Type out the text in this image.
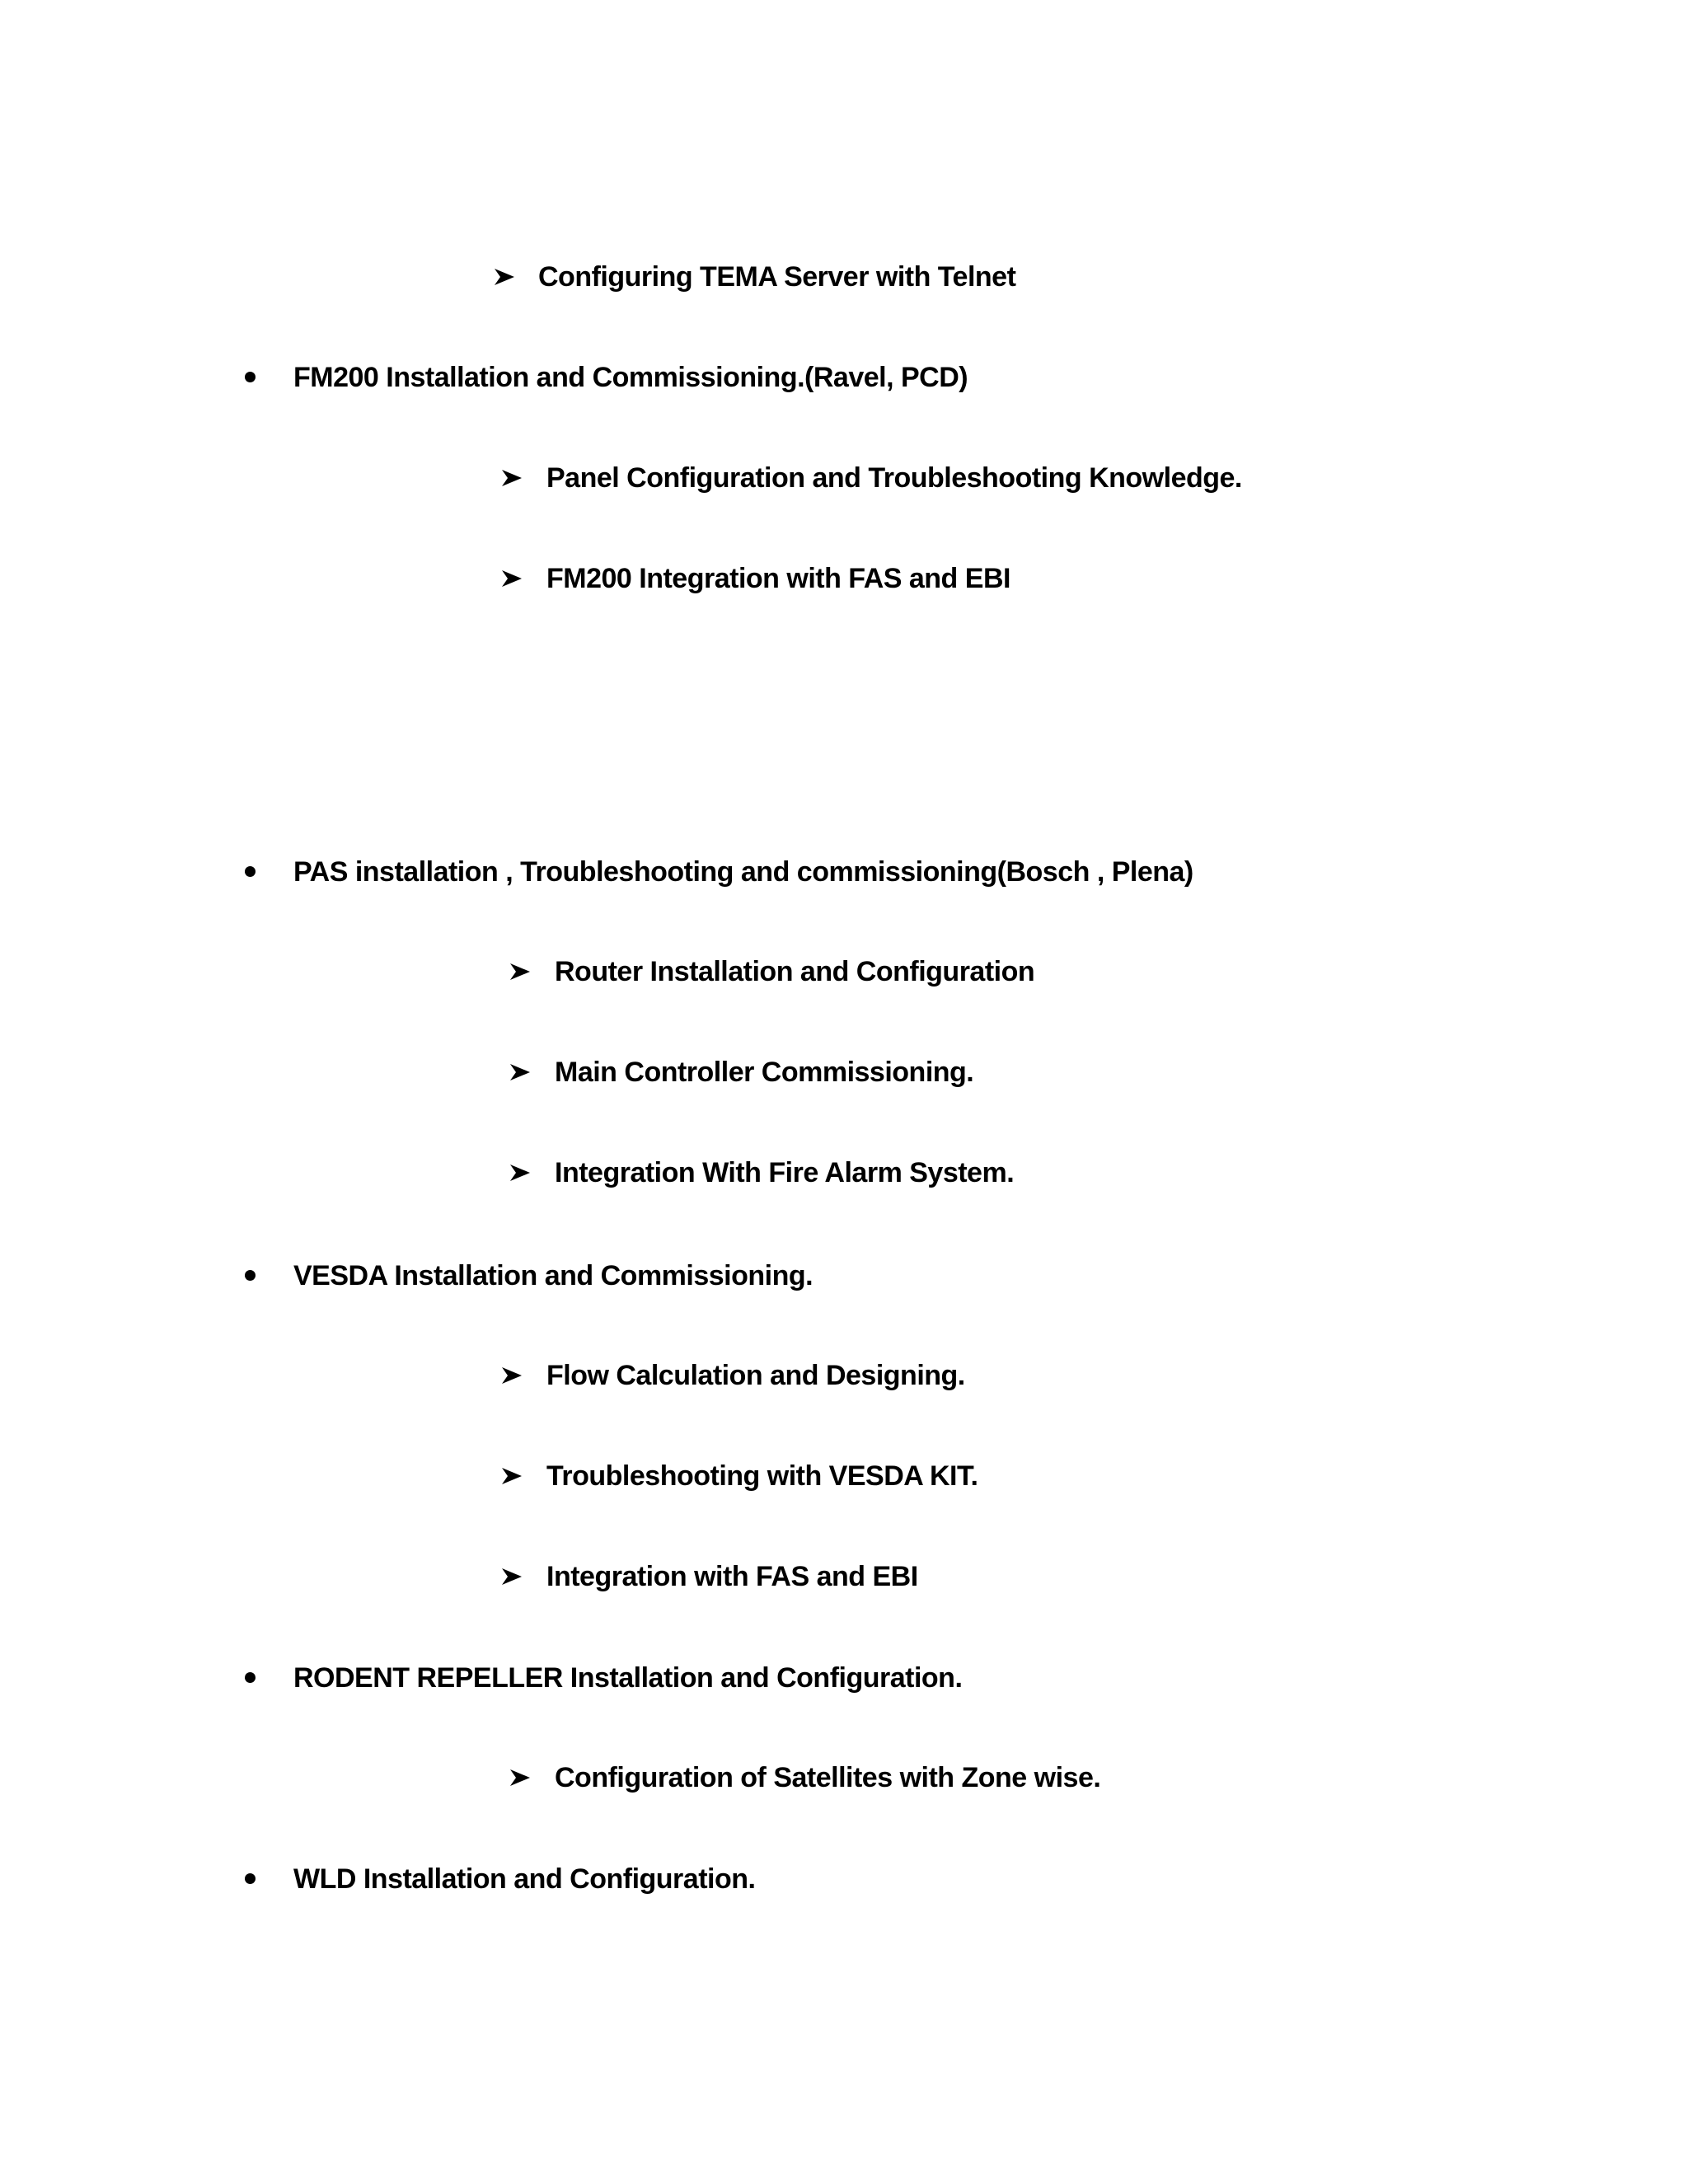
Configuring TEMA Server with Telnet
FM200 Installation and Commissioning.(Ravel, PCD)
Panel Configuration and Troubleshooting Knowledge.
FM200 Integration with FAS and EBI
PAS installation , Troubleshooting and commissioning(Bosch , Plena)
Router Installation and Configuration
Main Controller Commissioning.
Integration With Fire Alarm System.
VESDA Installation and Commissioning.
Flow Calculation and Designing.
Troubleshooting with VESDA KIT.
Integration with FAS and EBI
RODENT REPELLER Installation and Configuration.
Configuration of Satellites with Zone wise.
WLD Installation and Configuration.
